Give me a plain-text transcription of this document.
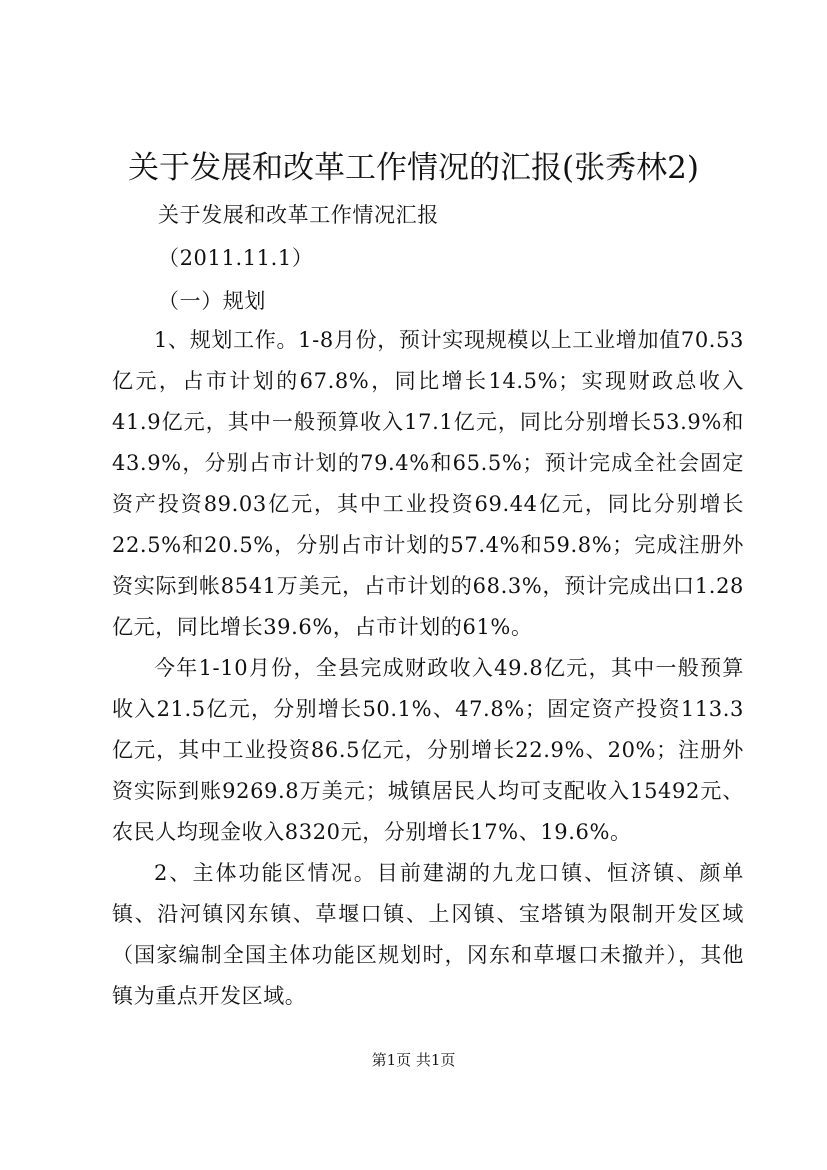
关于发展和改革工作情况的汇报(张秀林2)
关于发展和改革工作情况汇报
（2011.11.1）
（一）规划

1、规划工作。1-8月份，预计实现规模以上工业增加值70.53亿元，占市计划的67.8%，同比增长14.5%；实现财政总收入41.9亿元，其中一般预算收入17.1亿元，同比分别增长53.9%和43.9%，分别占市计划的79.4%和65.5%；预计完成全社会固定资产投资89.03亿元，其中工业投资69.44亿元，同比分别增长22.5%和20.5%，分别占市计划的57.4%和59.8%；完成注册外资实际到帐8541万美元，占市计划的68.3%，预计完成出口1.28亿元，同比增长39.6%，占市计划的61%。

今年1-10月份，全县完成财政收入49.8亿元，其中一般预算收入21.5亿元，分别增长50.1%、47.8%；固定资产投资113.3亿元，其中工业投资86.5亿元，分别增长22.9%、20%；注册外资实际到账9269.8万美元；城镇居民人均可支配收入15492元、农民人均现金收入8320元，分别增长17%、19.6%。

2、主体功能区情况。目前建湖的九龙口镇、恒济镇、颜单镇、沿河镇冈东镇、草堰口镇、上冈镇、宝塔镇为限制开发区域（国家编制全国主体功能区规划时，冈东和草堰口未撤并），其他镇为重点开发区域。

第1页 共1页
